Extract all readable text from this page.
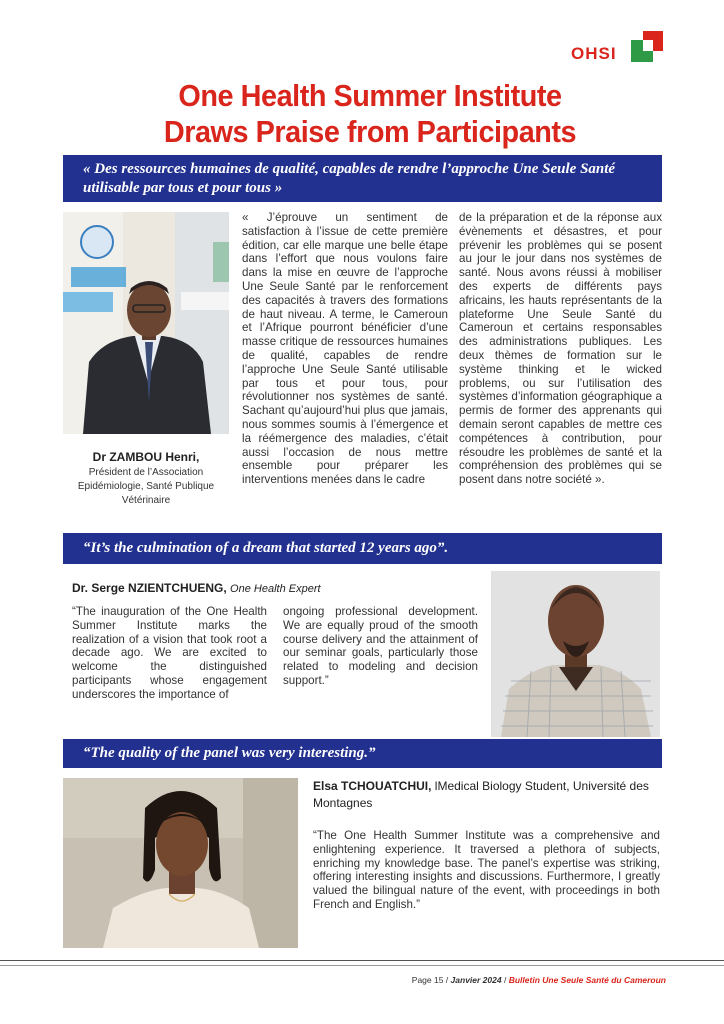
OHSI
One Health Summer Institute
Draws Praise from Participants
« Des ressources humaines de qualité, capables de rendre l’approche Une Seule Santé utilisable par tous et pour tous »
Dr ZAMBOU Henri,
Président de l’Association Epidémiologie, Santé Publique Vétérinaire
« J’éprouve un sentiment de satisfaction à l’issue de cette première édition, car elle marque une belle étape dans l’effort que nous voulons faire dans la mise en œuvre de l’approche Une Seule Santé par le renforcement des capacités à travers des formations de haut niveau. A terme, le Cameroun et l’Afrique pourront bénéficier d’une masse critique de ressources humaines de qualité, capables de rendre l’approche Une Seule Santé utilisable par tous et pour tous, pour révolutionner nos systèmes de santé. Sachant qu’aujourd’hui plus que jamais, nous sommes soumis à l’émergence et la réémergence des maladies, c’était aussi l’occasion de nous mettre ensemble pour préparer les interventions menées dans le cadre
de la préparation et de la réponse aux évènements et désastres, et pour prévenir les problèmes qui se posent au jour le jour dans nos systèmes de santé. Nous avons réussi à mobiliser des experts de différents pays africains, les hauts représentants de la plateforme Une Seule Santé du Cameroun et certains responsables des administrations publiques. Les deux thèmes de formation sur le système thinking et le wicked problems, ou sur l’utilisation des systèmes d’information géographique a permis de former des apprenants qui demain seront capables de mettre ces compétences à contribution, pour résoudre les problèmes de santé et la compréhension des problèmes qui se posent dans notre société ».
“It’s the culmination of a dream that started 12 years ago”.
Dr. Serge NZIENTCHUENG, One Health Expert
“The inauguration of the One Health Summer Institute marks the realization of a vision that took root a decade ago. We are excited to welcome the distinguished participants whose engagement underscores the importance of
ongoing professional development. We are equally proud of the smooth course delivery and the attainment of our seminar goals, particularly those related to modeling and decision support.”
“The quality of the panel was very interesting.”
Elsa TCHOUATCHUI, lMedical Biology Student, Université des Montagnes
“The One Health Summer Institute was a comprehensive and enlightening experience. It traversed a plethora of subjects, enriching my knowledge base. The panel’s expertise was striking, offering interesting insights and discussions. Furthermore, I greatly valued the bilingual nature of the event, with proceedings in both French and English.”
Page 15 / Janvier 2024 / Bulletin Une Seule Santé du Cameroun
